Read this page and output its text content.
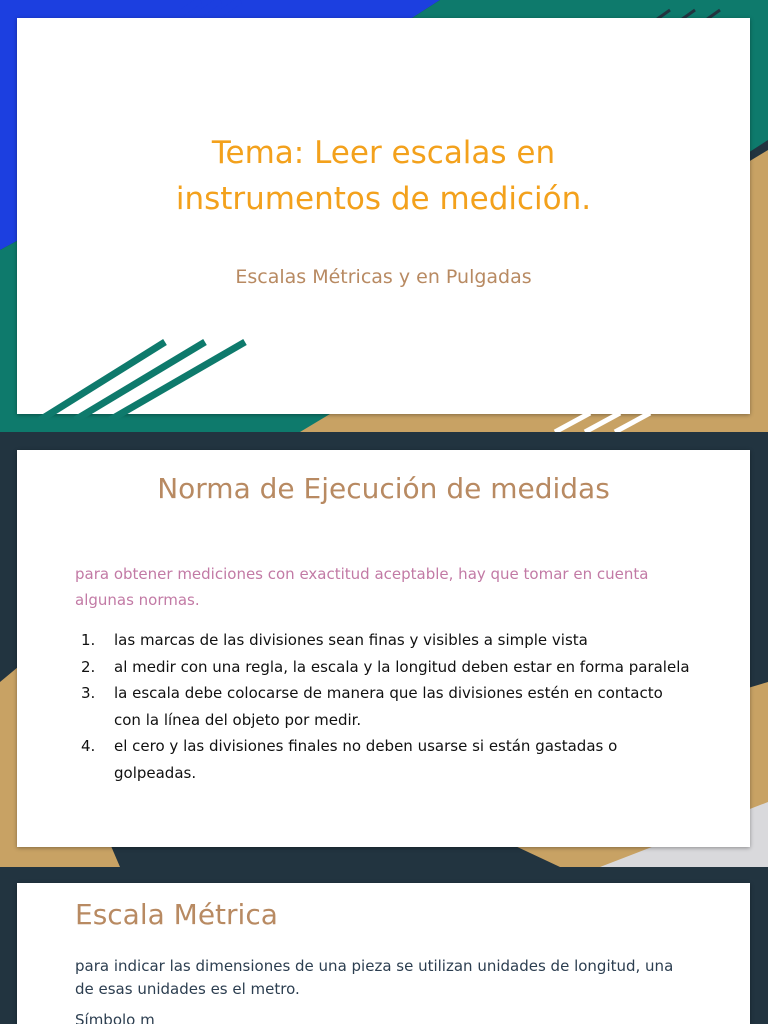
Tema: Leer escalas en
instrumentos de medición.
Escalas Métricas y en Pulgadas
Norma de Ejecución de medidas
para obtener mediciones con exactitud aceptable, hay que tomar en cuenta algunas normas.
1. las marcas de las divisiones sean finas y visibles a simple vista
2. al medir con una regla, la escala y la longitud deben estar en forma paralela
3. la escala debe colocarse de manera que las divisiones estén en contacto con la línea del objeto por medir.
4. el cero y las divisiones finales no deben usarse si están gastadas o golpeadas.
Escala Métrica
para indicar las dimensiones de una pieza se utilizan unidades de longitud, una de esas unidades es el metro.
Símbolo m
